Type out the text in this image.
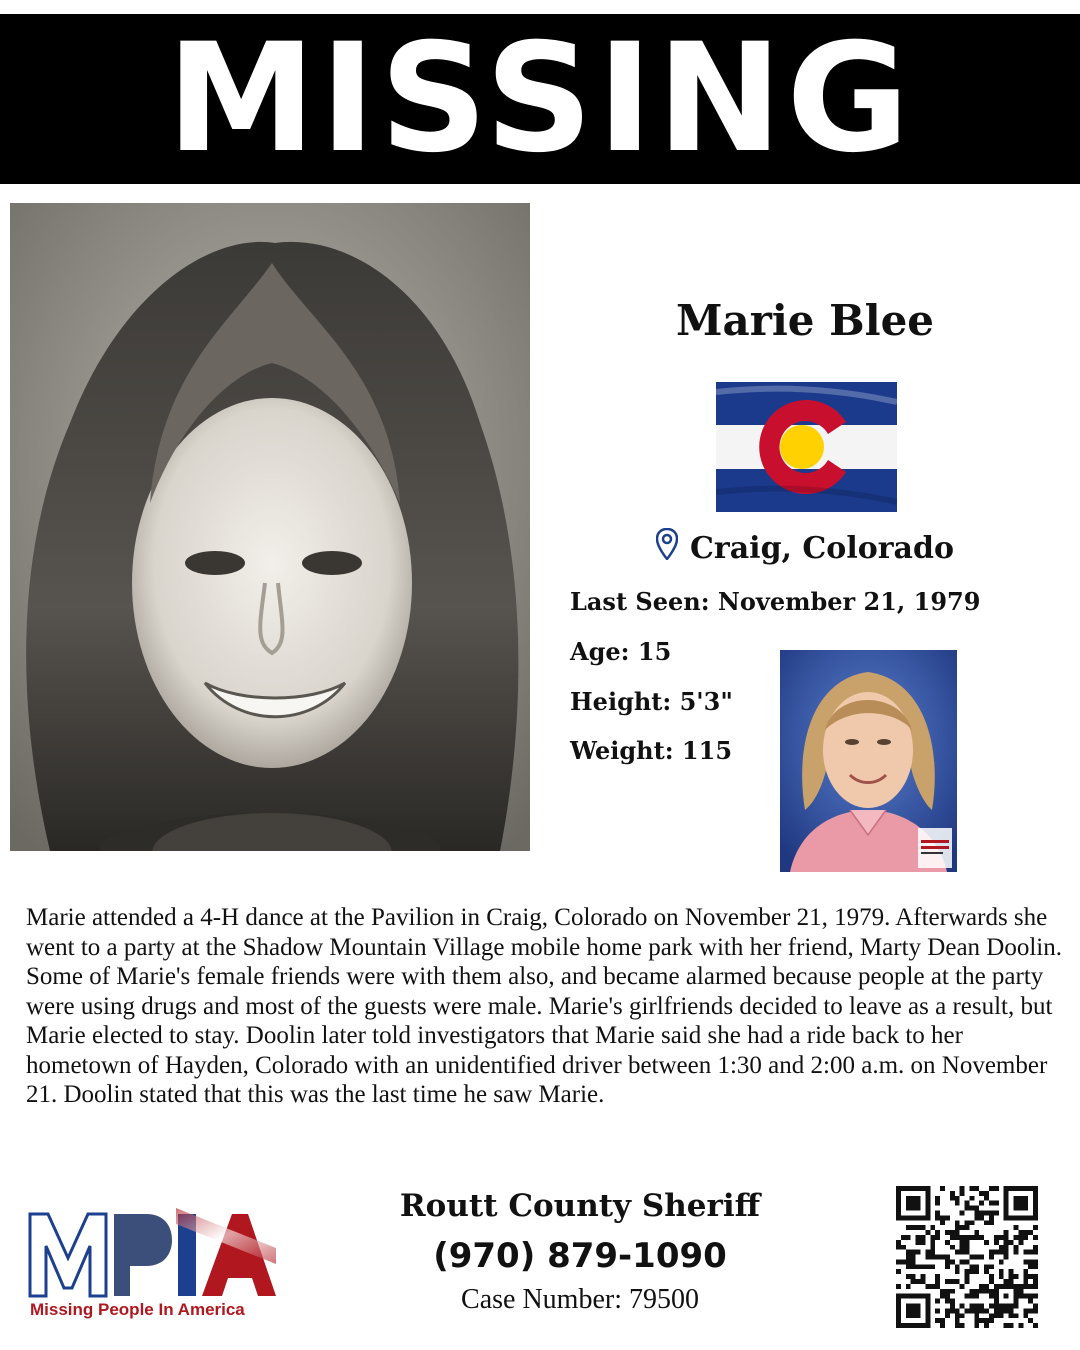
MISSING
Marie Blee
Craig, Colorado
Last Seen: November 21, 1979
Age: 15
Height: 5'3"
Weight: 115
Marie attended a 4-H dance at the Pavilion in Craig, Colorado on November 21, 1979. Afterwards she went to a party at the Shadow Mountain Village mobile home park with her friend, Marty Dean Doolin. Some of Marie's female friends were with them also, and became alarmed because people at the party were using drugs and most of the guests were male. Marie's girlfriends decided to leave as a result, but Marie elected to stay. Doolin later told investigators that Marie said she had a ride back to her hometown of Hayden, Colorado with an unidentified driver between 1:30 and 2:00 a.m. on November 21. Doolin stated that this was the last time he saw Marie.
Missing People In America
Routt County Sheriff
(970) 879-1090
Case Number: 79500
